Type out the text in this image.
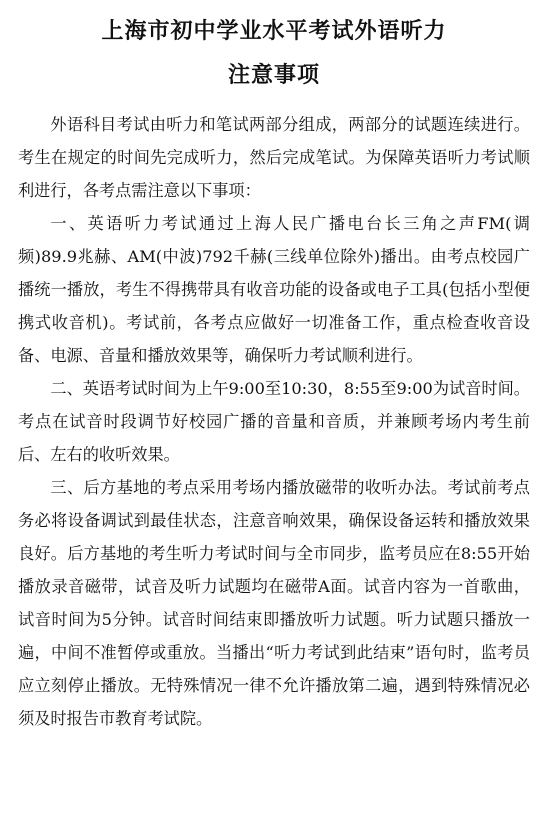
上海市初中学业水平考试外语听力
注意事项

外语科目考试由听力和笔试两部分组成，两部分的试题连续进行。考生在规定的时间先完成听力，然后完成笔试。为保障英语听力考试顺利进行，各考点需注意以下事项：

一、英语听力考试通过上海人民广播电台长三角之声FM(调频)89.9兆赫、AM(中波)792千赫(三线单位除外)播出。由考点校园广播统一播放，考生不得携带具有收音功能的设备或电子工具(包括小型便携式收音机)。考试前，各考点应做好一切准备工作，重点检查收音设备、电源、音量和播放效果等，确保听力考试顺利进行。

二、英语考试时间为上午9:00至10:30，8:55至9:00为试音时间。考点在试音时段调节好校园广播的音量和音质，并兼顾考场内考生前后、左右的收听效果。

三、后方基地的考点采用考场内播放磁带的收听办法。考试前考点务必将设备调试到最佳状态，注意音响效果，确保设备运转和播放效果良好。后方基地的考生听力考试时间与全市同步，监考员应在8:55开始播放录音磁带，试音及听力试题均在磁带A面。试音内容为一首歌曲，试音时间为5分钟。试音时间结束即播放听力试题。听力试题只播放一遍，中间不准暂停或重放。当播出“听力考试到此结束”语句时，监考员应立刻停止播放。无特殊情况一律不允许播放第二遍，遇到特殊情况必须及时报告市教育考试院。
